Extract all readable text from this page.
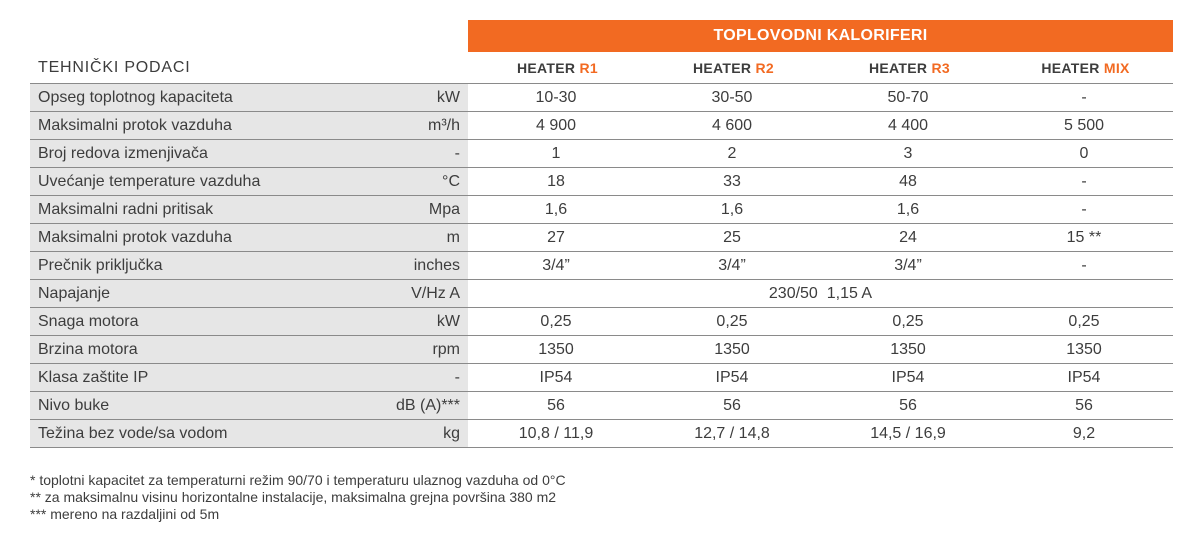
TOPLOVODNI KALORIFERI
TEHNIČKI PODACI	HEATER R1	HEATER R2	HEATER R3	HEATER MIX
Opseg toplotnog kapaciteta	kW	10-30	30-50	50-70	-
Maksimalni protok vazduha	m³/h	4 900	4 600	4 400	5 500
Broj redova izmenjivača	-	1	2	3	0
Uvećanje temperature vazduha	°C	18	33	48	-
Maksimalni radni pritisak	Mpa	1,6	1,6	1,6	-
Maksimalni protok vazduha	m	27	25	24	15 **
Prečnik priključka	inches	3/4”	3/4”	3/4”	-
Napajanje	V/Hz A	230/50  1,15 A
Snaga motora	kW	0,25	0,25	0,25	0,25
Brzina motora	rpm	1350	1350	1350	1350
Klasa zaštite IP	-	IP54	IP54	IP54	IP54
Nivo buke	dB (A)***	56	56	56	56
Težina bez vode/sa vodom	kg	10,8 / 11,9	12,7 / 14,8	14,5 / 16,9	9,2
* toplotni kapacitet za temperaturni režim 90/70 i temperaturu ulaznog vazduha od 0°C
** za maksimalnu visinu horizontalne instalacije, maksimalna grejna površina 380 m2
*** mereno na razdaljini od 5m
